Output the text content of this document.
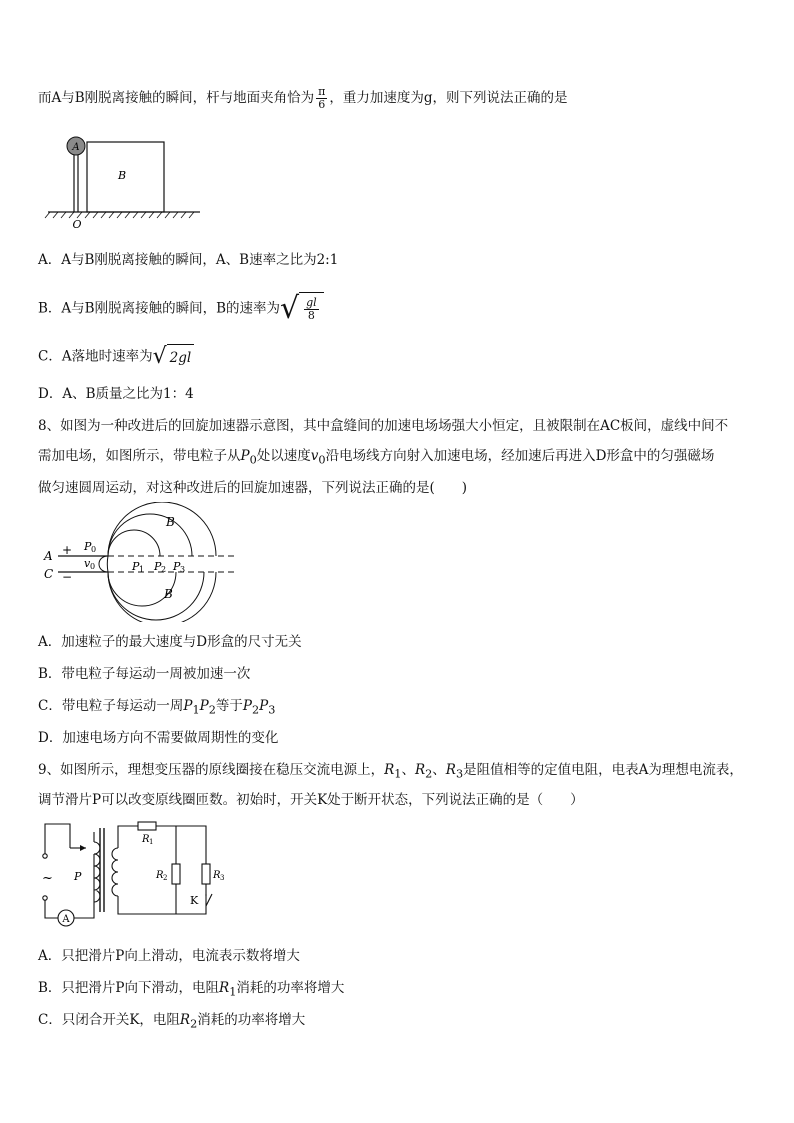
而A与B刚脱离接触的瞬间，杆与地面夹角恰为 $\frac{\pi}{6}$ ，重力加速度为g，则下列说法正确的是
A
B
O
A．A与B刚脱离接触的瞬间，A、B速率之比为2:1
B．A与B刚脱离接触的瞬间，B的速率为 √ $\frac{gl}{8}$
C．A落地时速率为 √ 2gl
D．A、B质量之比为1：4
8、如图为一种改进后的回旋加速器示意图，其中盒缝间的加速电场场强大小恒定，且被限制在AC板间，虚线中间不
需加电场，如图所示，带电粒子从$P_0$处以速度$v_0$沿电场线方向射入加速电场，经加速后再进入D形盒中的匀强磁场
做匀速圆周运动，对这种改进后的回旋加速器，下列说法正确的是(　　)
A
C
+
−
P 0
v 0
B
B
P 1 P 2 P 3
A．加速粒子的最大速度与D形盒的尺寸无关
B．带电粒子每运动一周被加速一次
C．带电粒子每运动一周$P_1P_2$等于$P_2P_3$
D．加速电场方向不需要做周期性的变化
9、如图所示，理想变压器的原线圈接在稳压交流电源上，$R_1$、$R_2$、$R_3$是阻值相等的定值电阻，电表A为理想电流表，
调节滑片P可以改变原线圈匝数。初始时，开关K处于断开状态，下列说法正确的是（　　）
~ P
A
R 1
R 2	R 3
K
A．只把滑片P向上滑动，电流表示数将增大
B．只把滑片P向下滑动，电阻$R_1$消耗的功率将增大
C．只闭合开关K，电阻$R_2$消耗的功率将增大
